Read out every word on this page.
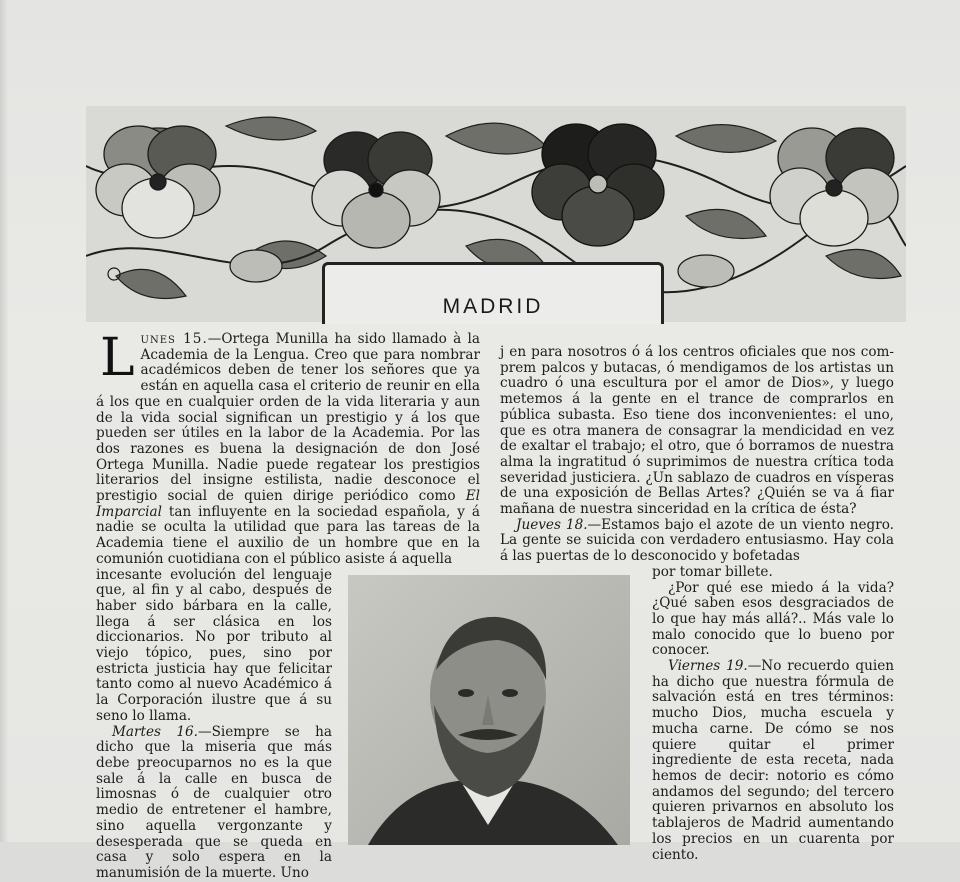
MADRID

Lunes 15.—Ortega Munilla ha sido llamado à la Academia de la Lengua. Creo que para nombrar académicos deben de tener los señores que ya están en aquella casa el criterio de reunir en ella á los que en cualquier orden de la vida literaria y aun de la vida social significan un prestigio y á los que pueden ser útiles en la labor de la Academia. Por las dos razones es buena la designación de don José Ortega Munilla. Nadie puede regatear los prestigios literarios del insigne estilista, nadie desconoce el prestigio social de quien dirige periódico como El Imparcial tan influyente en la sociedad española, y á nadie se oculta la utilidad que para las tareas de la Academia tiene el auxilio de un hombre que en la comunión cuotidiana con el público asiste á aquella

incesante evolución del lenguaje que, al fin y al cabo, después de haber sido bárbara en la calle, llega á ser clásica en los diccionarios. No por tributo al viejo tópico, pues, sino por estricta justicia hay que felicitar tanto como al nuevo Académico á la Corporación ilustre que á su seno lo llama.

Martes 16.—Siempre se ha dicho que la miseria que más debe preocuparnos no es la que sale á la calle en busca de limosnas ó de cualquier otro medio de entretener el hambre, sino aquella vergonzante y desesperada que se queda en casa y solo espera en la manumisión de la muerte. Uno

j en para nosotros ó á los centros oficiales que nos com-prem palcos y butacas, ó mendigamos de los artistas un cuadro ó una escultura por el amor de Dios», y luego metemos á la gente en el trance de comprarlos en pública subasta. Eso tiene dos inconvenientes: el uno, que es otra manera de consagrar la mendicidad en vez de exaltar el trabajo; el otro, que ó borramos de nuestra alma la ingratitud ó suprimimos de nuestra crítica toda severidad justiciera. ¿Un sablazo de cuadros en vísperas de una exposición de Bellas Artes? ¿Quién se va á fiar mañana de nuestra sinceridad en la crítica de ésta?

Jueves 18.—Estamos bajo el azote de un viento negro. La gente se suicida con verdadero entusiasmo. Hay cola á las puertas de lo desconocido y bofetadas

por tomar billete.

¿Por qué ese miedo á la vida? ¿Qué saben esos desgraciados de lo que hay más allá?.. Más vale lo malo conocido que lo bueno por conocer.

Viernes 19.—No recuerdo quien ha dicho que nuestra fórmula de salvación está en tres términos: mucho Dios, mucha escuela y mucha carne. De cómo se nos quiere quitar el primer ingrediente de esta receta, nada hemos de decir: notorio es cómo andamos del segundo; del tercero quieren privarnos en absoluto los tablajeros de Madrid aumentando los precios en un cuarenta por ciento.
